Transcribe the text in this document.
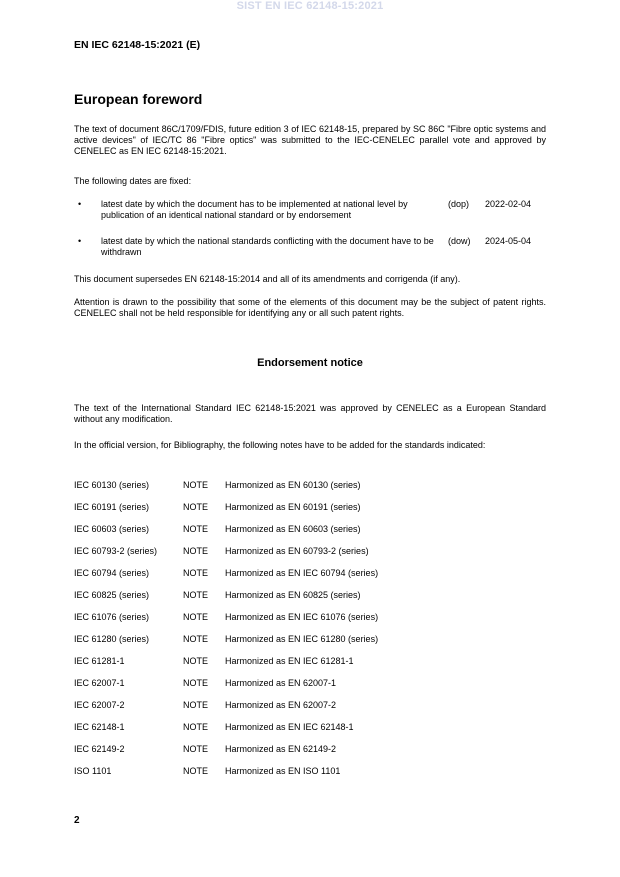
SIST EN IEC 62148-15:2021
EN IEC 62148-15:2021 (E)
European foreword

The text of document 86C/1709/FDIS, future edition 3 of IEC 62148-15, prepared by SC 86C "Fibre optic systems and active devices" of IEC/TC 86 "Fibre optics" was submitted to the IEC-CENELEC parallel vote and approved by CENELEC as EN IEC 62148-15:2021.

The following dates are fixed:

• latest date by which the document has to be implemented at national level by publication of an identical national standard or by endorsement
(dop) 2022-02-04
• latest date by which the national standards conflicting with the document have to be withdrawn
(dow) 2024-05-04

This document supersedes EN 62148-15:2014 and all of its amendments and corrigenda (if any).

Attention is drawn to the possibility that some of the elements of this document may be the subject of patent rights. CENELEC shall not be held responsible for identifying any or all such patent rights.

Endorsement notice

The text of the International Standard IEC 62148-15:2021 was approved by CENELEC as a European Standard without any modification.

In the official version, for Bibliography, the following notes have to be added for the standards indicated:

IEC 60130 (series)	NOTE Harmonized as EN 60130 (series)
IEC 60191 (series)	NOTE Harmonized as EN 60191 (series)
IEC 60603 (series)	NOTE Harmonized as EN 60603 (series)
IEC 60793-2 (series)	NOTE Harmonized as EN 60793-2 (series)
IEC 60794 (series)	NOTE Harmonized as EN IEC 60794 (series)
IEC 60825 (series)	NOTE Harmonized as EN 60825 (series)
IEC 61076 (series)	NOTE Harmonized as EN IEC 61076 (series)
IEC 61280 (series)	NOTE Harmonized as EN IEC 61280 (series)
IEC 61281-1	NOTE Harmonized as EN IEC 61281-1
IEC 62007-1	NOTE Harmonized as EN 62007-1
IEC 62007-2	NOTE Harmonized as EN 62007-2
IEC 62148-1	NOTE Harmonized as EN IEC 62148-1
IEC 62149-2	NOTE Harmonized as EN 62149-2
ISO 1101	NOTE Harmonized as EN ISO 1101
2
